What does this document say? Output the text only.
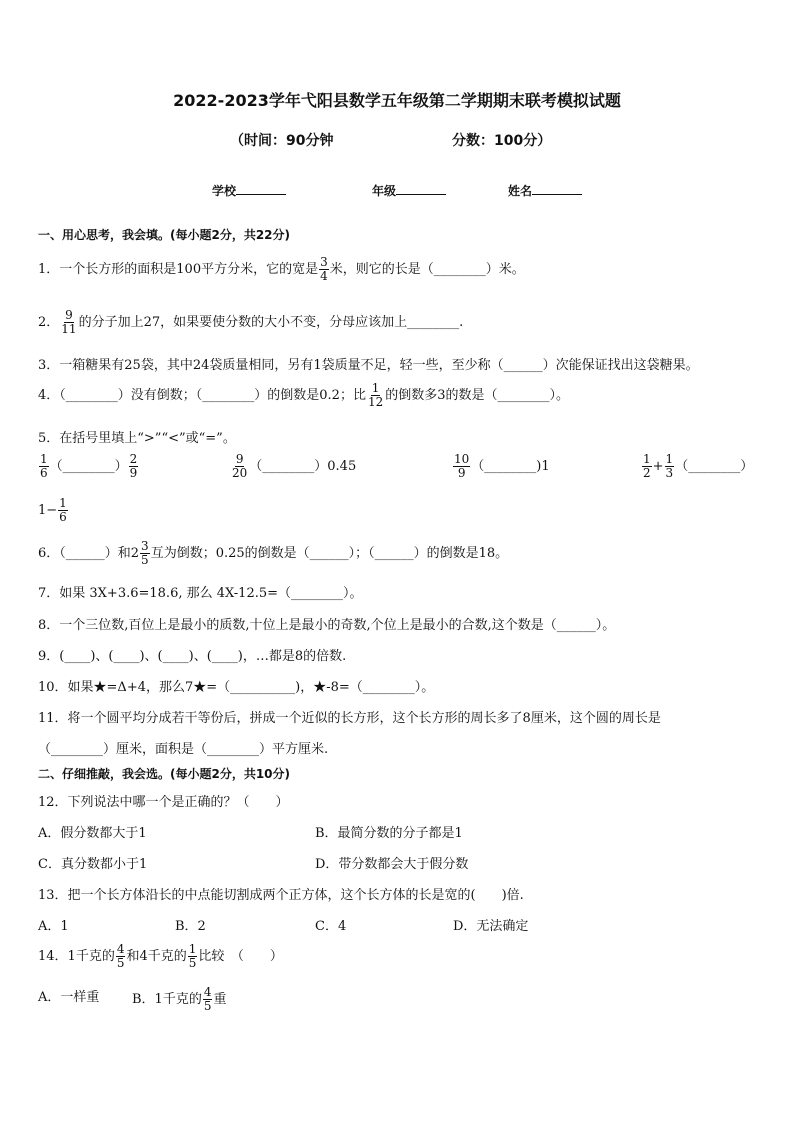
2022-2023学年弋阳县数学五年级第二学期期末联考模拟试题
（时间：90分钟	分数：100分）
学校	年级	姓名
一、用心思考，我会填。(每小题2分，共22分)
1．一个长方形的面积是100平方分米，它的宽是 $\frac{3}{4}$ 米，则它的长是（________）米。
2． $\frac{9}{11}$ 的分子加上27，如果要使分数的大小不变，分母应该加上________.
3．一箱糖果有25袋，其中24袋质量相同，另有1袋质量不足，轻一些，至少称（______）次能保证找出这袋糖果。
4．（________）没有倒数；（________）的倒数是0.2；比 $\frac{1}{12}$ 的倒数多3的数是（________）。
5．在括号里填上“>”“<”或“=”。
$\frac{1}{6}$ （________） $\frac{2}{9}$	$\frac{9}{20}$ （________）0.45	$\frac{10}{9}$ （________)1	$\frac{1}{2} + \frac{1}{3}$ （________）
$1- \frac{1}{6}$
6．（______）和$2 \frac{3}{5}$ 互为倒数；0.25的倒数是（______）；（______）的倒数是18。
7．如果 3X+3.6=18.6, 那么 4X-12.5=（________）。
8．一个三位数,百位上是最小的质数,十位上是最小的奇数,个位上是最小的合数,这个数是（______）。
9．(____)、(____)、(____)、(____)，…都是8的倍数.
10．如果★=Δ+4，那么7★=（__________)，★-8=（________）。
11．将一个圆平均分成若干等份后，拼成一个近似的长方形，这个长方形的周长多了8厘米，这个圆的周长是
（________）厘米，面积是（________）平方厘米.
二、仔细推敲，我会选。(每小题2分，共10分)
12．下列说法中哪一个是正确的？（　　）
A．假分数都大于1	B．最简分数的分子都是1
C．真分数都小于1	D．带分数都会大于假分数
13．把一个长方体沿长的中点能切割成两个正方体，这个长方体的长是宽的(　　)倍.
A．1	B．2	C．4	D．无法确定
14．1千克的 $\frac{4}{5}$ 和4千克的 $\frac{1}{5}$ 比较　（　　）
A．一样重	B．1千克的 $\frac{4}{5}$ 重
